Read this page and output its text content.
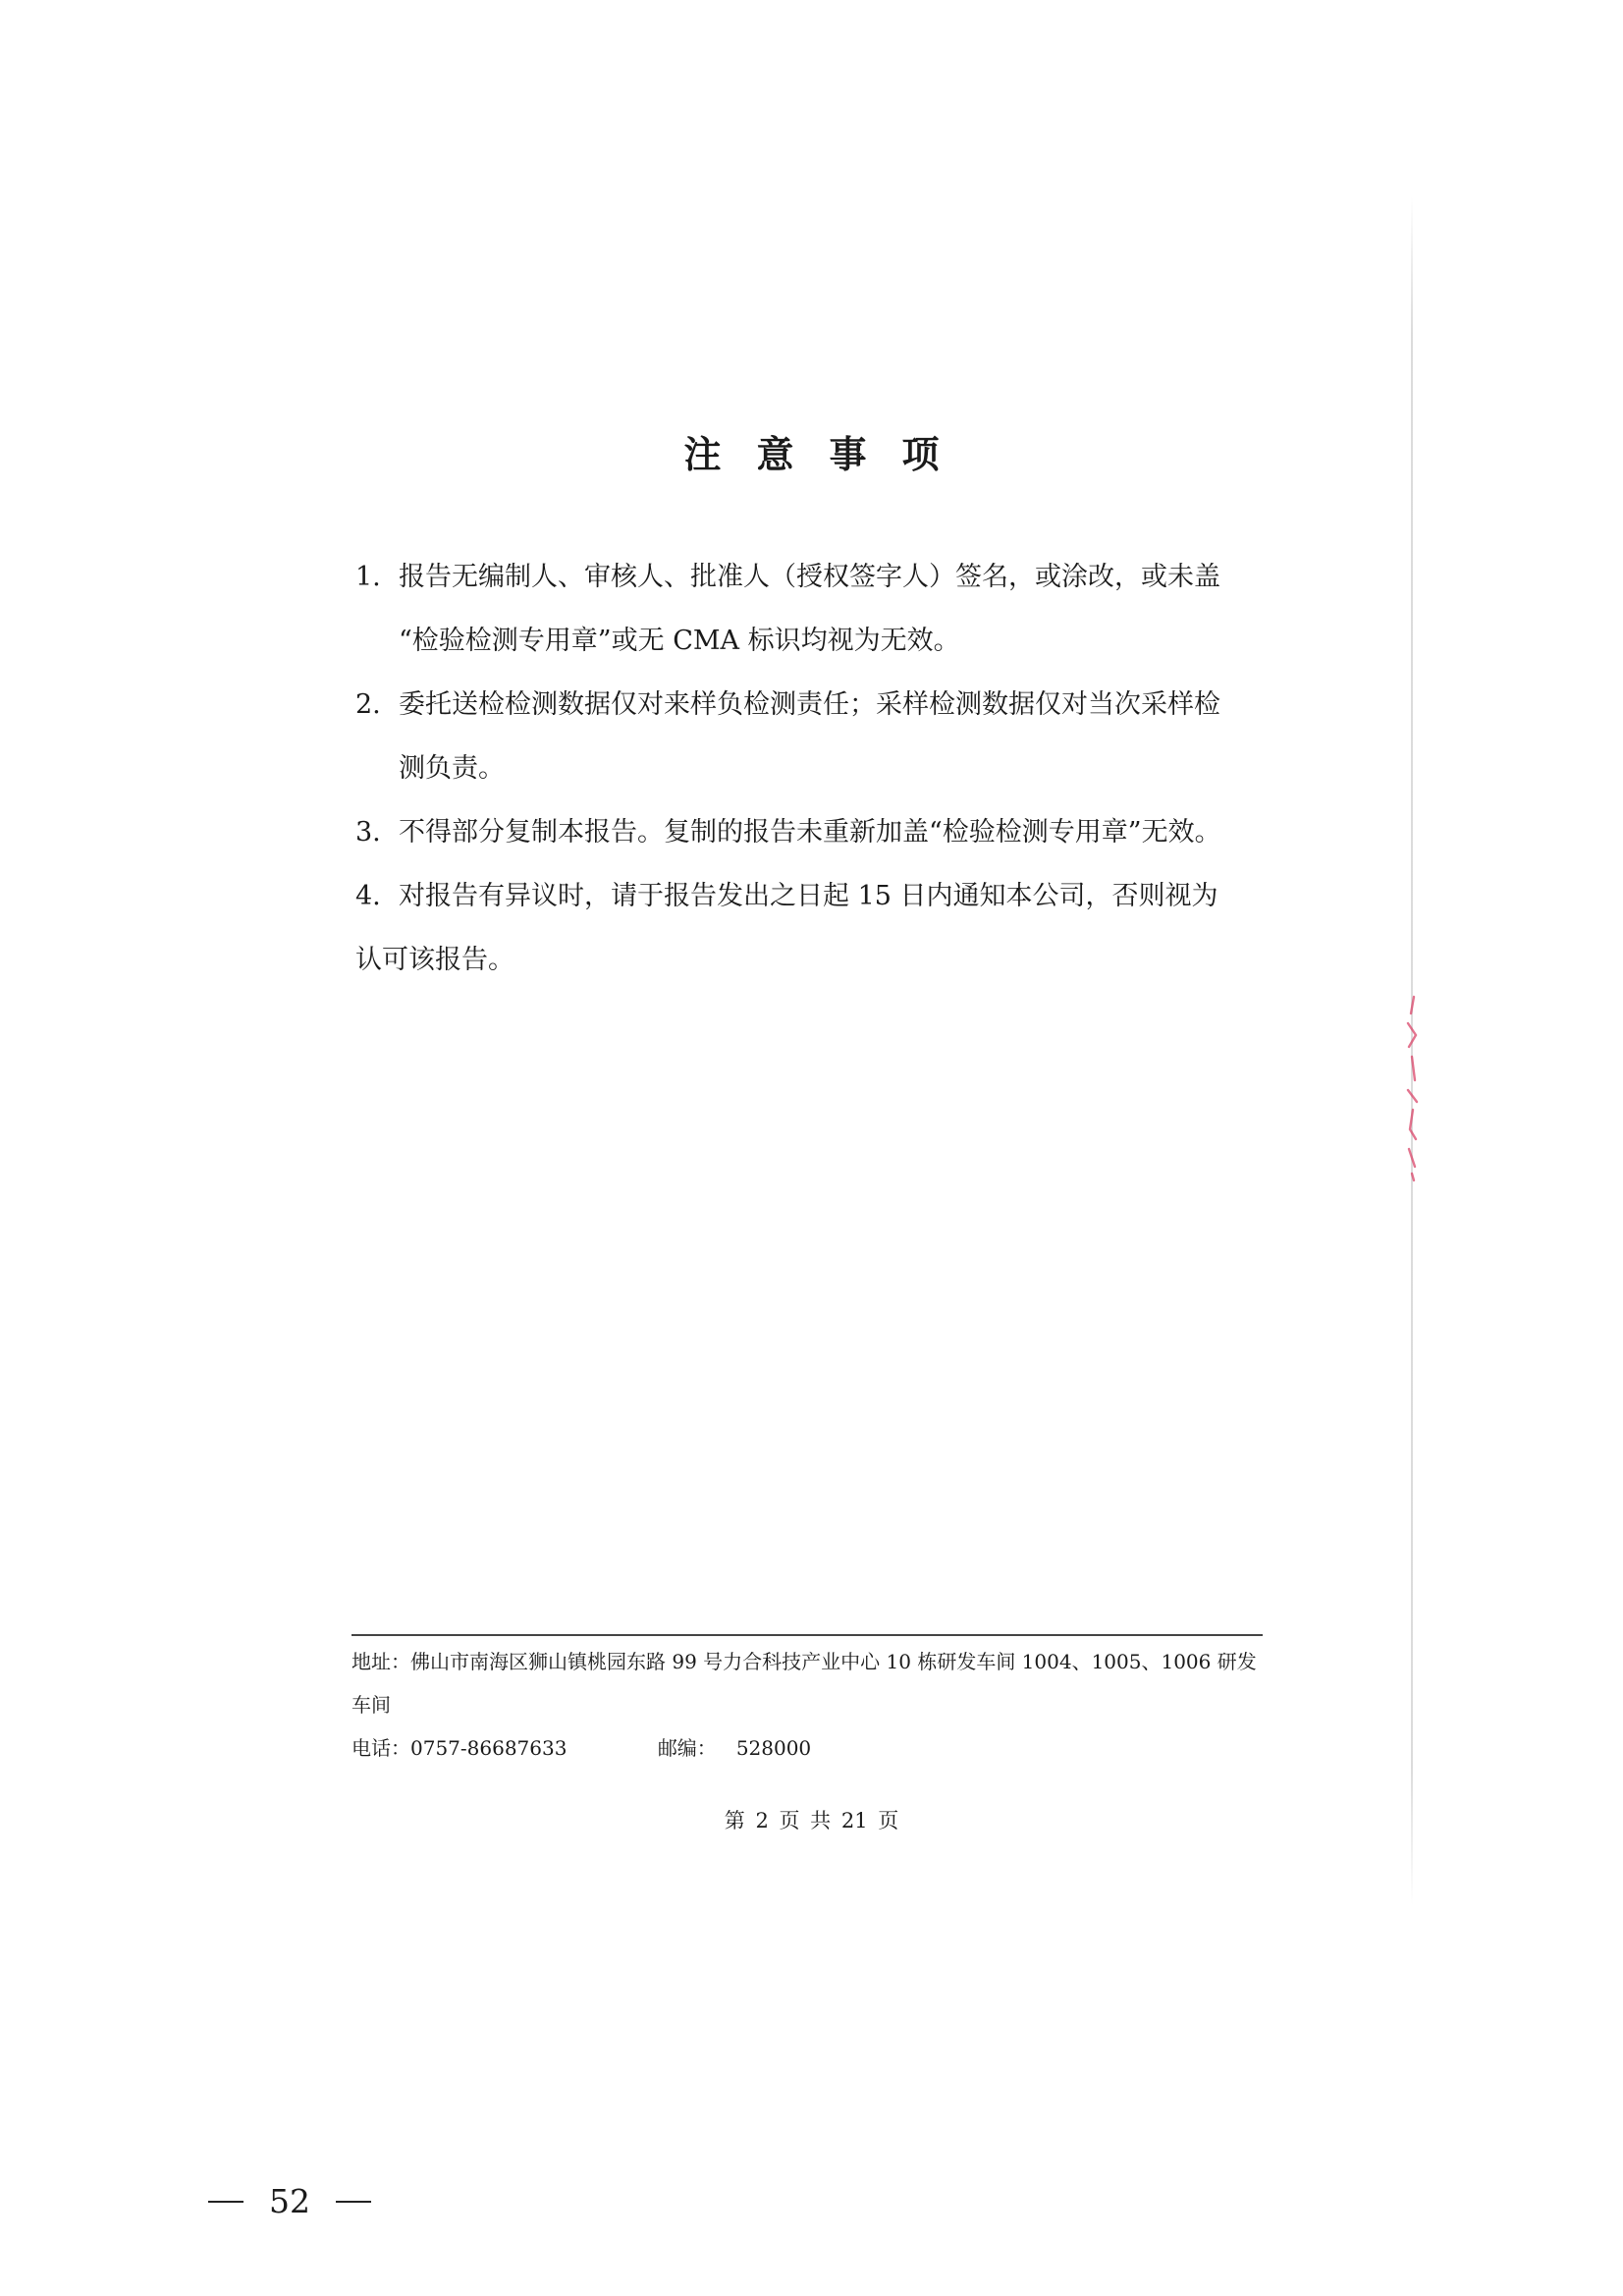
注意事项
1. 报告无编制人、审核人、批准人（授权签字人）签名，或涂改，或未盖
“检验检测专用章”或无 CMA 标识均视为无效。
2. 委托送检检测数据仅对来样负检测责任；采样检测数据仅对当次采样检
测负责。
3. 不得部分复制本报告。复制的报告未重新加盖“检验检测专用章”无效。
4. 对报告有异议时，请于报告发出之日起 15 日内通知本公司，否则视为
认可该报告。
地址：佛山市南海区狮山镇桃园东路 99 号力合科技产业中心 10 栋研发车间 1004、1005、1006 研发
车间
电话：0757-86687633	邮编： 528000
第 2 页 共 21 页
52
